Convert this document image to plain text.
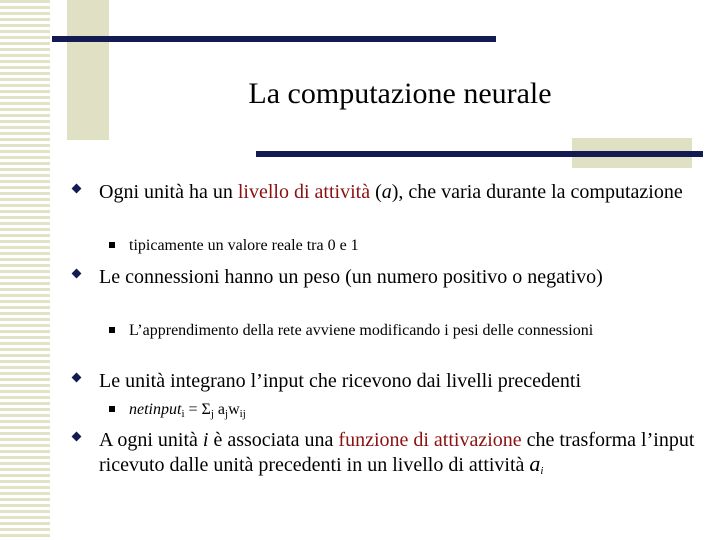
La computazione neurale
Ogni unità ha un livello di attività (a), che varia durante la computazione
tipicamente un valore reale tra 0 e 1
Le connessioni hanno un peso (un numero positivo o negativo)
L’apprendimento della rete avviene modificando i pesi delle connessioni
Le unità integrano l’input che ricevono dai livelli precedenti
netinput$_i$ = $\Sigma_j$ $a_jw_{ij}$
A ogni unità i è associata una funzione di attivazione che trasforma l’input ricevuto dalle unità precedenti in un livello di attività $a_i$
